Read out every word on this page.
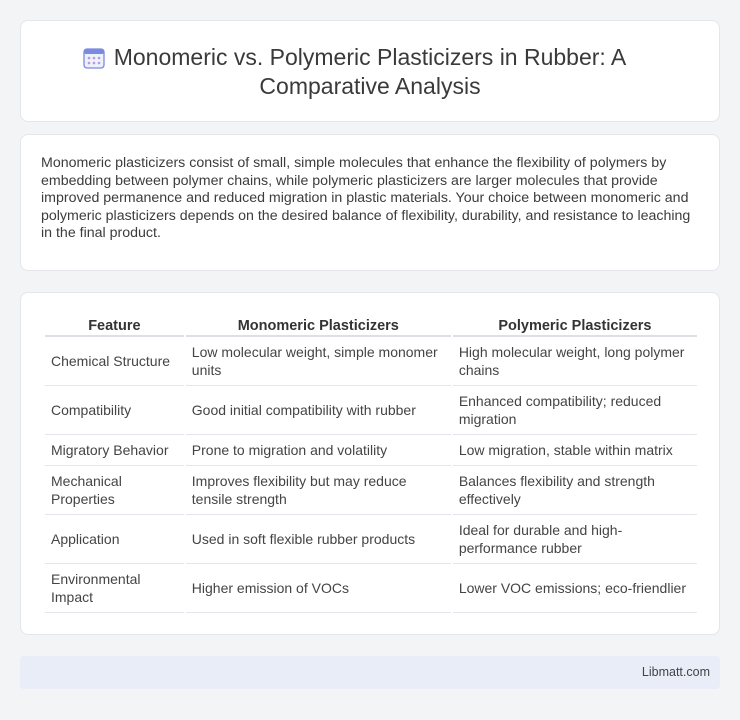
Monomeric vs. Polymeric Plasticizers in Rubber: A
Comparative Analysis

Monomeric plasticizers consist of small, simple molecules that enhance the flexibility of polymers by embedding between polymer chains, while polymeric plasticizers are larger molecules that provide improved permanence and reduced migration in plastic materials. Your choice between monomeric and polymeric plasticizers depends on the desired balance of flexibility, durability, and resistance to leaching in the final product.

Feature	Monomeric Plasticizers	Polymeric Plasticizers
Chemical Structure	Low molecular weight, simple monomer units	High molecular weight, long polymer chains
Compatibility	Good initial compatibility with rubber	Enhanced compatibility; reduced migration
Migratory Behavior	Prone to migration and volatility	Low migration, stable within matrix
Mechanical Properties	Improves flexibility but may reduce tensile strength	Balances flexibility and strength effectively
Application	Used in soft flexible rubber products	Ideal for durable and high-performance rubber
Environmental Impact	Higher emission of VOCs	Lower VOC emissions; eco-friendlier
Libmatt.com
